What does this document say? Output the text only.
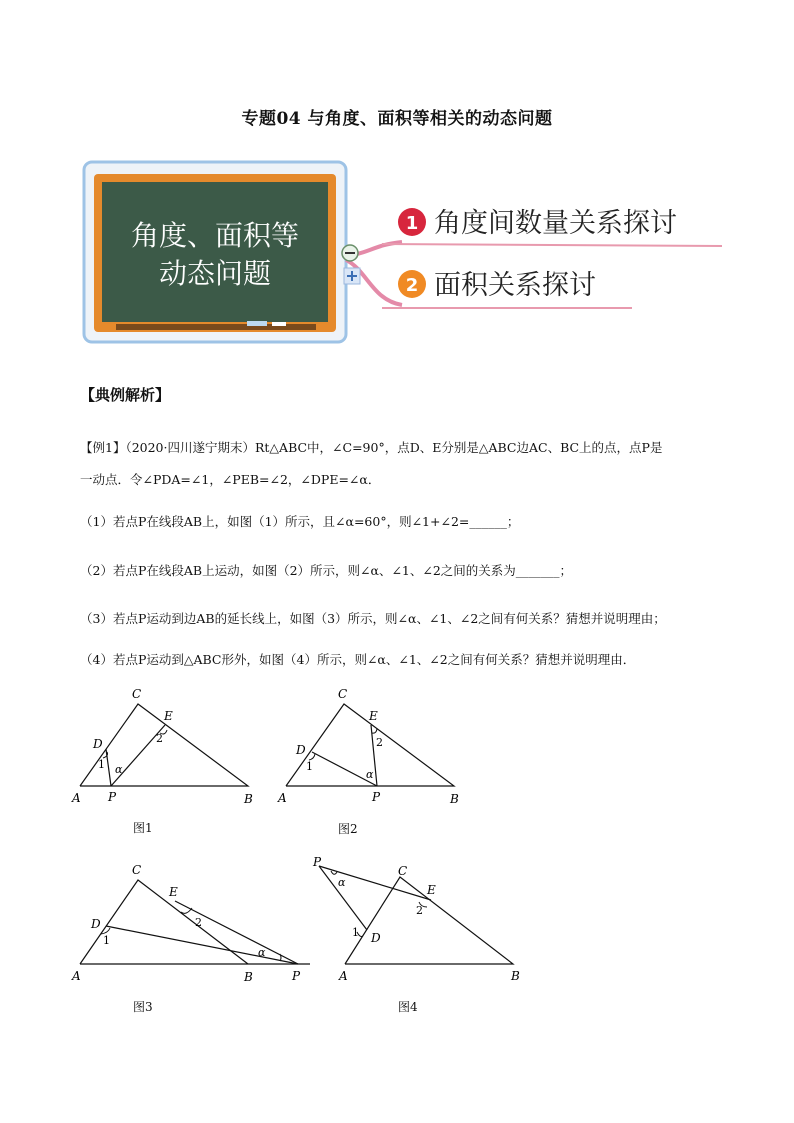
专题04 与角度、面积等相关的动态问题
角度、面积等
动态问题
1 角度间数量关系探讨
2 面积关系探讨
【典例解析】
【例1】（2020·四川遂宁期末）Rt△ABC中，∠C=90°，点D、E分别是△ABC边AC、BC上的点，点P是
一动点．令∠PDA=∠1，∠PEB=∠2，∠DPE=∠α．
（1）若点P在线段AB上，如图（1）所示，且∠α=60°，则∠1+∠2=______；
（2）若点P在线段AB上运动，如图（2）所示，则∠α、∠1、∠2之间的关系为_______；
（3）若点P运动到边AB的延长线上，如图（3）所示，则∠α、∠1、∠2之间有何关系？猜想并说明理由；
（4）若点P运动到△ABC形外，如图（4）所示，则∠α、∠1、∠2之间有何关系？猜想并说明理由．
C
E
D
1
2
α
A P	B
图1
C
E
D
1
2
α
A	P	B
图2
C
E
D
1
2
α
A	B	P
图3
P
α
C
E
2
1 D
A	B
图4
